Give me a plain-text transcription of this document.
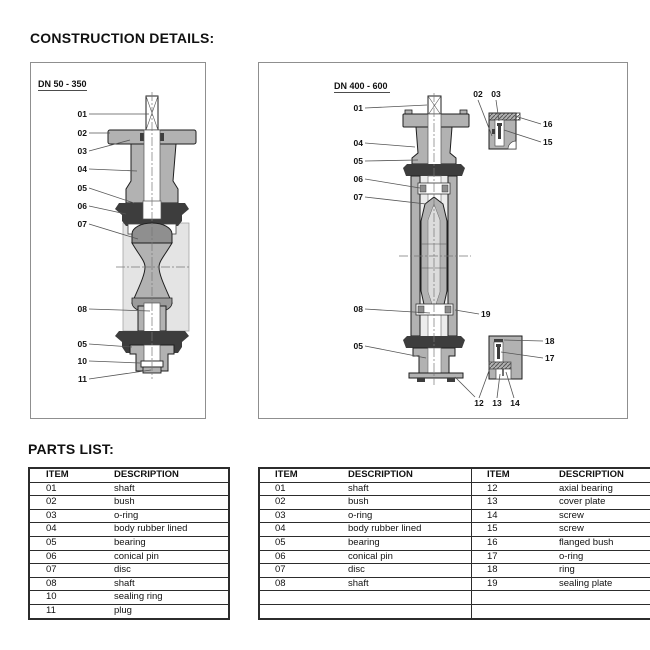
CONSTRUCTION DETAILS:
DN 50 - 350
01
02
03
04
05
06
07
08
05
10
11
DN 400 - 600
01
04
05
06
07
08
05
19
02 03
16
15
18
17
12 13 14
PARTS LIST:
ITEM	DESCRIPTION
01	shaft
02	bush
03	o-ring
04	body rubber lined
05	bearing
06	conical pin
07	disc
08	shaft
10	sealing ring
11	plug
ITEM	DESCRIPTION	ITEM	DESCRIPTION
01	shaft	12	axial bearing
02	bush	13	cover plate
03	o-ring	14	screw
04	body rubber lined	15	screw
05	bearing	16	flanged bush
06	conical pin	17	o-ring
07	disc	18	ring
08	shaft	19	sealing plate
